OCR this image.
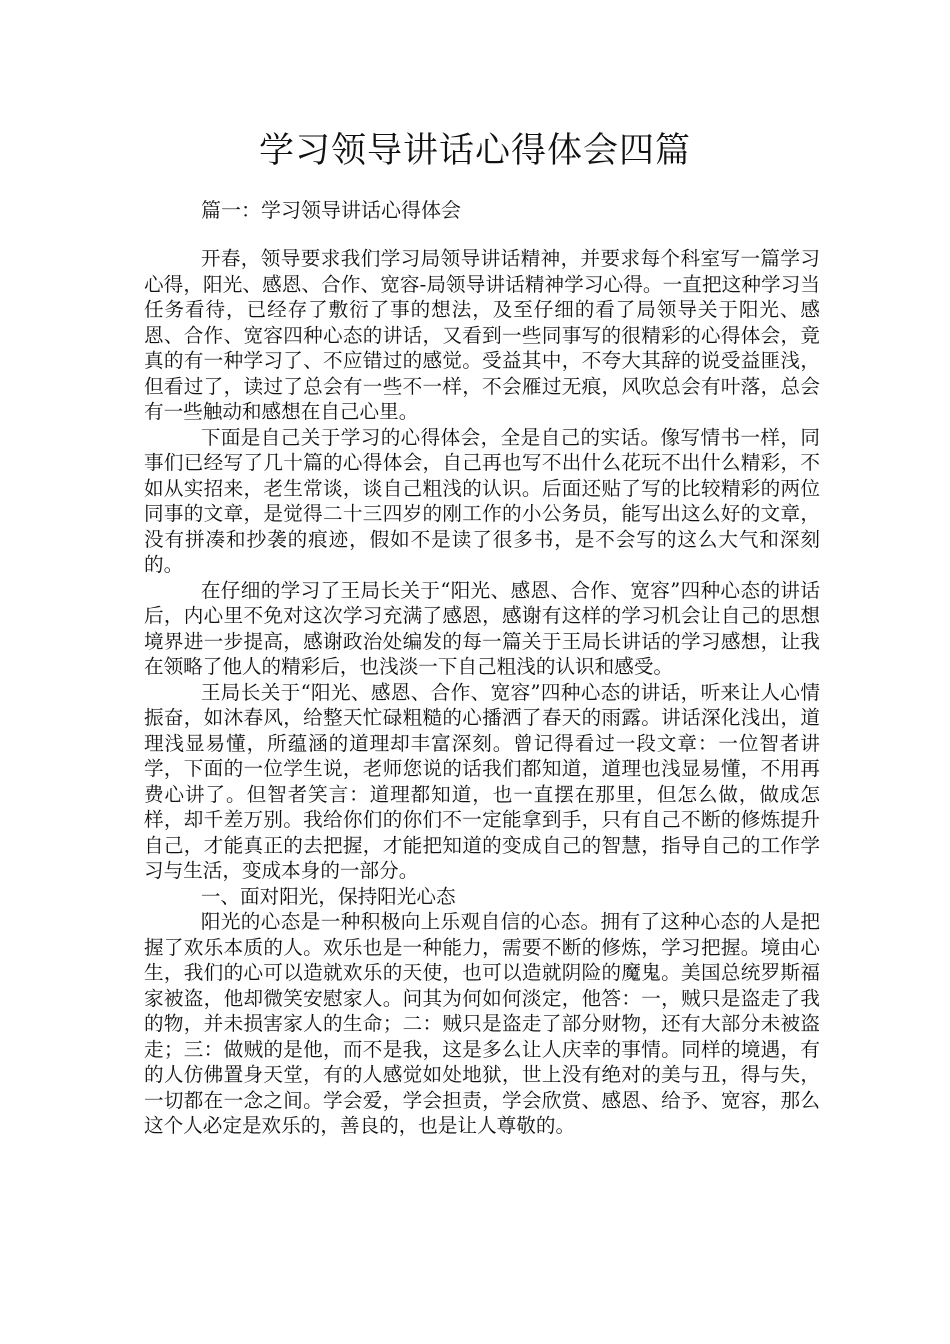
学习领导讲话心得体会四篇
篇一：学习领导讲话心得体会

开春，领导要求我们学习局领导讲话精神，并要求每个科室写一篇学习心得，阳光、感恩、合作、宽容-局领导讲话精神学习心得。一直把这种学习当任务看待，已经存了敷衍了事的想法，及至仔细的看了局领导关于阳光、感恩、合作、宽容四种心态的讲话，又看到一些同事写的很精彩的心得体会，竟真的有一种学习了、不应错过的感觉。受益其中，不夸大其辞的说受益匪浅，但看过了，读过了总会有一些不一样，不会雁过无痕，风吹总会有叶落，总会有一些触动和感想在自己心里。

下面是自己关于学习的心得体会，全是自己的实话。像写情书一样，同事们已经写了几十篇的心得体会，自己再也写不出什么花玩不出什么精彩，不如从实招来，老生常谈，谈自己粗浅的认识。后面还贴了写的比较精彩的两位同事的文章，是觉得二十三四岁的刚工作的小公务员，能写出这么好的文章，没有拼凑和抄袭的痕迹，假如不是读了很多书，是不会写的这么大气和深刻的。

在仔细的学习了王局长关于“阳光、感恩、合作、宽容”四种心态的讲话后，内心里不免对这次学习充满了感恩，感谢有这样的学习机会让自己的思想 境界进一步提高，感谢政治处编发的每一篇关于王局长讲话的学习感想，让我在领略了他人的精彩后，也浅淡一下自己粗浅的认识和感受。

王局长关于“阳光、感恩、合作、宽容”四种心态的讲话，听来让人心情振奋，如沐春风，给整天忙碌粗糙的心播洒了春天的雨露。讲话深化浅出，道理浅显易懂，所蕴涵的道理却丰富深刻。曾记得看过一段文章：一位智者讲学，下面的一位学生说，老师您说的话我们都知道，道理也浅显易懂，不用再费心讲了。但智者笑言：道理都知道，也一直摆在那里，但怎么做，做成怎样，却千差万别。我给你们的你们不一定能拿到手，只有自己不断的修炼提升自己，才能真正的去把握，才能把知道的变成自己的智慧，指导自己的工作学习与生活，变成本身的一部分。

一、面对阳光，保持阳光心态

阳光的心态是一种积极向上乐观自信的心态。拥有了这种心态的人是把握了欢乐本质的人。欢乐也是一种能力，需要不断的修炼，学习把握。境由心生，我们的心可以造就欢乐的天使，也可以造就阴险的魔鬼。美国总统罗斯福家被盗，他却微笑安慰家人。问其为何如何淡定，他答：一，贼只是盗走了我的物，并未损害家人的生命；二：贼只是盗走了部分财物，还有大部分未被盗走；三：做贼的是他，而不是我，这是多么让人庆幸的事情。同样的境遇，有的人仿佛置身天堂，有的人感觉如处地狱，世上没有绝对的美与丑，得与失，一切都在一念之间。学会爱，学会担责，学会欣赏、感恩、给予、宽容，那么这个人必定是欢乐的，善良的，也是让人尊敬的。
